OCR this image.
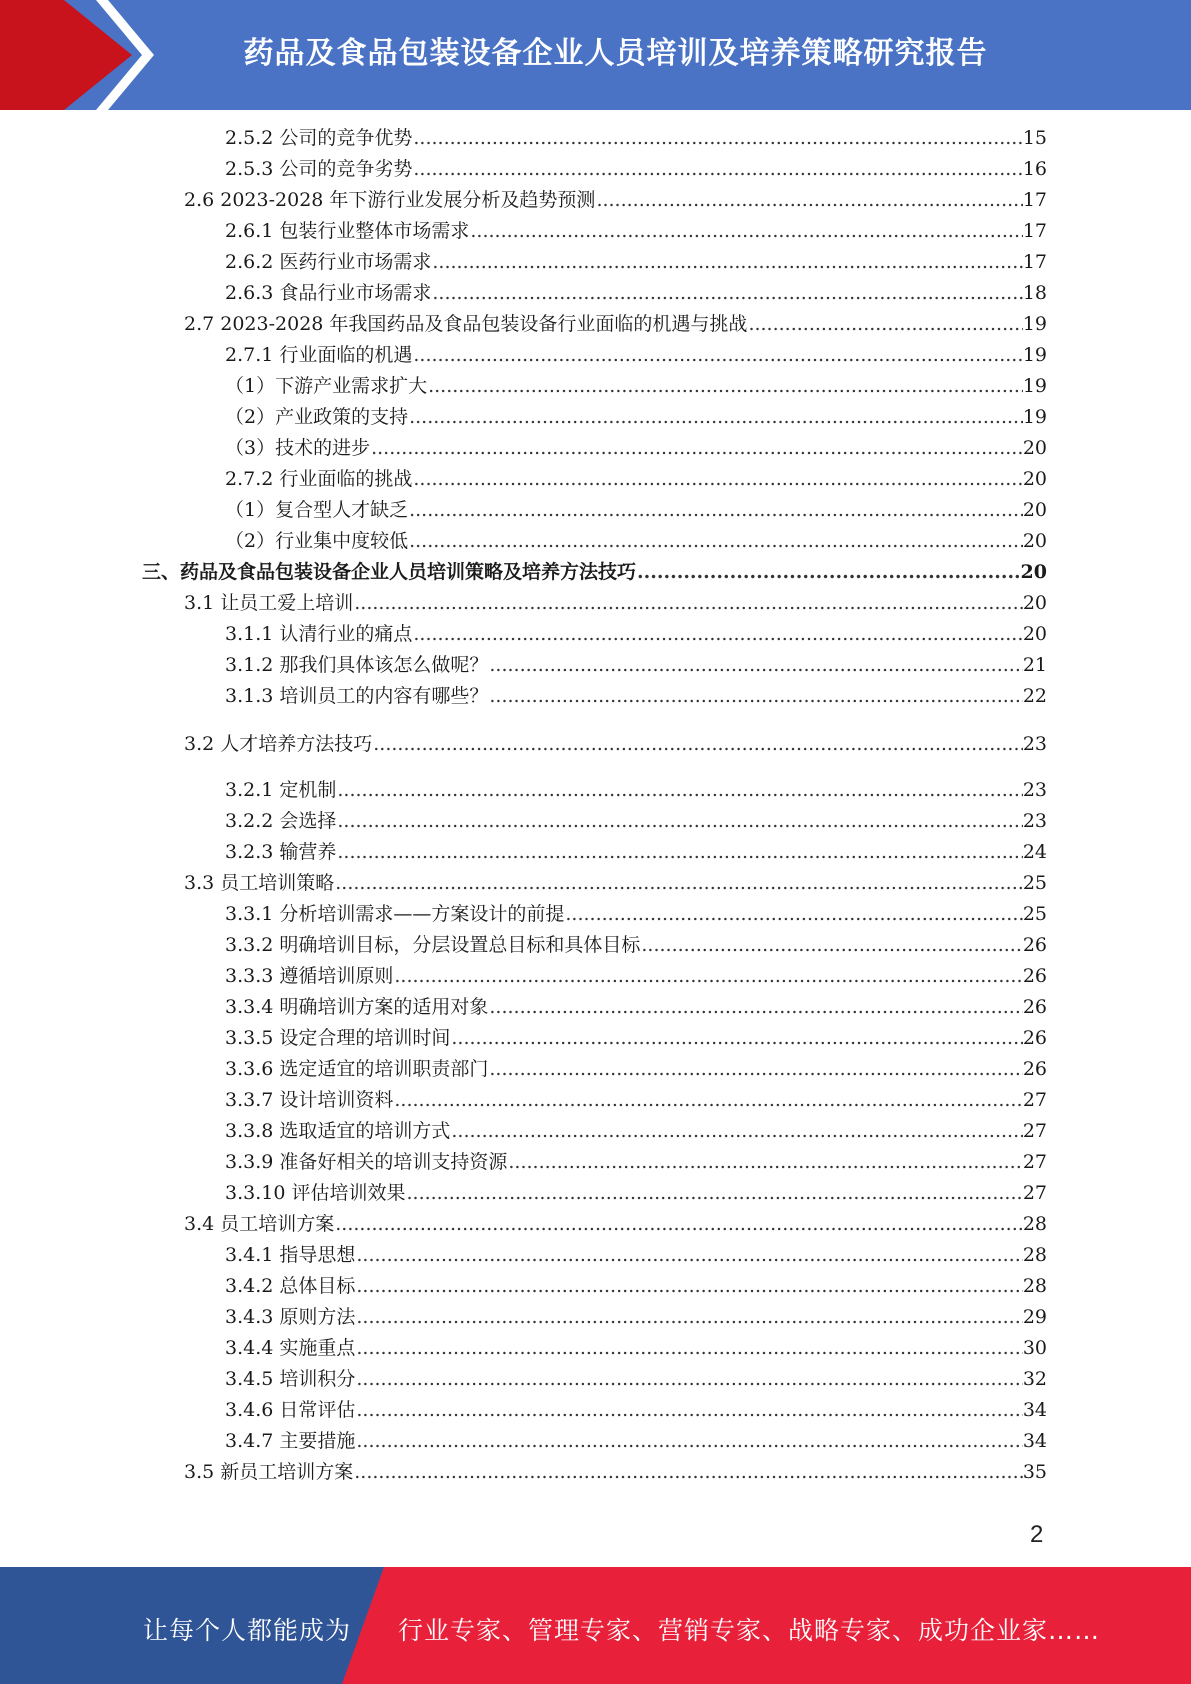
药品及食品包装设备企业人员培训及培养策略研究报告
2.5.2 公司的竞争优势 .....	15
2.5.3 公司的竞争劣势 .....	16
2.6 2023-2028 年下游行业发展分析及趋势预测 .....	17
2.6.1 包装行业整体市场需求 .....	17
2.6.2 医药行业市场需求 .....	17
2.6.3 食品行业市场需求 .....	18
2.7 2023-2028 年我国药品及食品包装设备行业面临的机遇与挑战 .....	19
2.7.1 行业面临的机遇 .....	19
（1）下游产业需求扩大 .....	19
（2）产业政策的支持 .....	19
（3）技术的进步 .....	20
2.7.2 行业面临的挑战 .....	20
（1）复合型人才缺乏 .....	20
（2）行业集中度较低 .....	20
三、药品及食品包装设备企业人员培训策略及培养方法技巧 .....	20
3.1 让员工爱上培训 .....	20
3.1.1 认清行业的痛点 .....	20
3.1.2 那我们具体该怎么做呢？ .....	21
3.1.3 培训员工的内容有哪些？ .....	22
3.2 人才培养方法技巧 .....	23
3.2.1 定机制 .....	23
3.2.2 会选择 .....	23
3.2.3 输营养 .....	24
3.3 员工培训策略 .....	25
3.3.1 分析培训需求——方案设计的前提 .....	25
3.3.2 明确培训目标，分层设置总目标和具体目标 .....	26
3.3.3 遵循培训原则 .....	26
3.3.4 明确培训方案的适用对象 .....	26
3.3.5 设定合理的培训时间 .....	26
3.3.6 选定适宜的培训职责部门 .....	26
3.3.7 设计培训资料 .....	27
3.3.8 选取适宜的培训方式 .....	27
3.3.9 准备好相关的培训支持资源 .....	27
3.3.10 评估培训效果 .....	27
3.4 员工培训方案 .....	28
3.4.1 指导思想 .....	28
3.4.2 总体目标 .....	28
3.4.3 原则方法 .....	29
3.4.4 实施重点 .....	30
3.4.5 培训积分 .....	32
3.4.6 日常评估 .....	34
3.4.7 主要措施 .....	34
3.5 新员工培训方案 .....	35
2
让每个人都能成为 行业专家、管理专家、营销专家、战略专家、成功企业家……
